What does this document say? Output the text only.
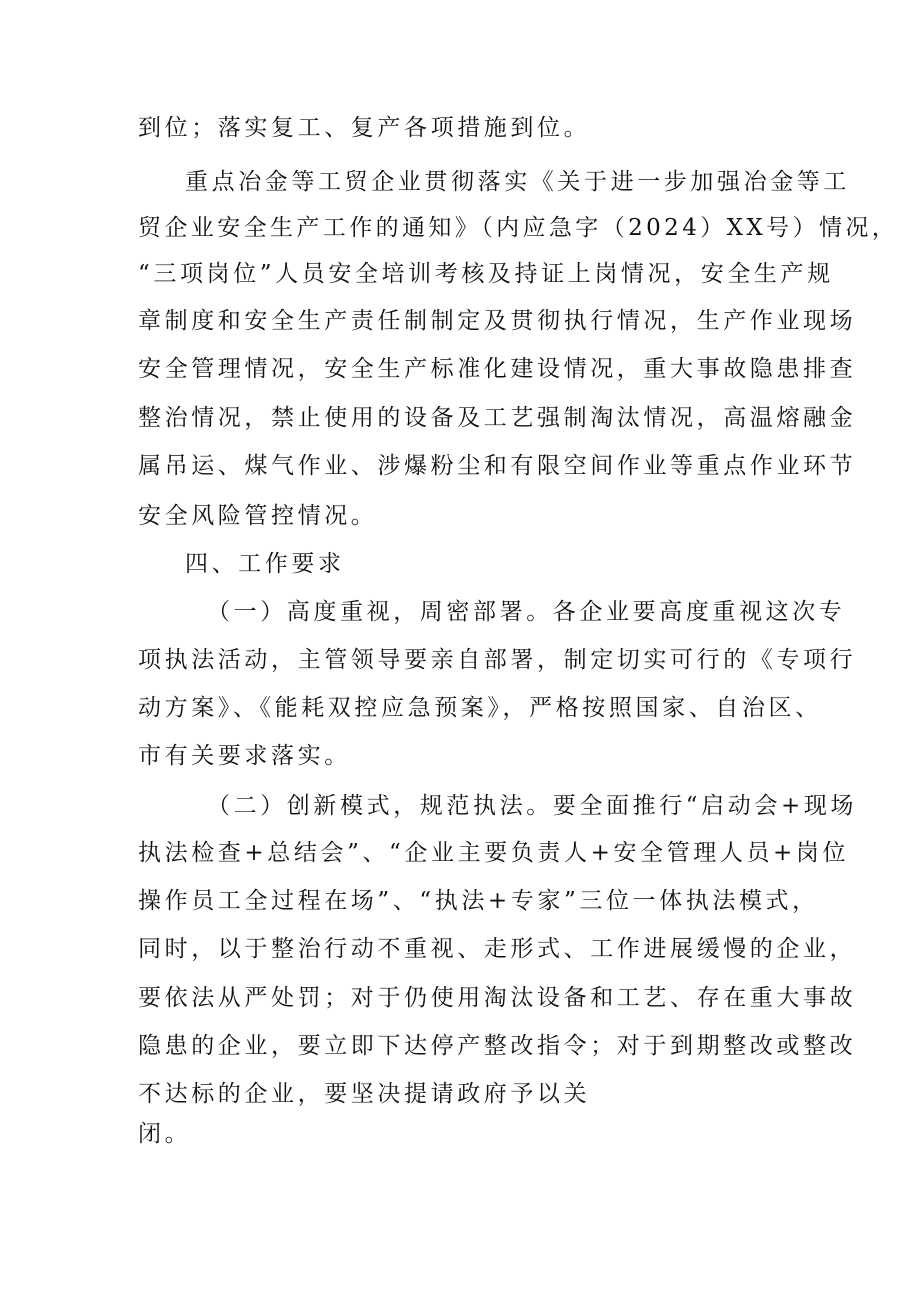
到位；落实复工、复产各项措施到位。
重点冶金等工贸企业贯彻落实《关于进一步加强冶金等工
贸企业安全生产工作的通知》（内应急字（2024）XX号）情况，
“三项岗位”人员安全培训考核及持证上岗情况，安全生产规
章制度和安全生产责任制制定及贯彻执行情况，生产作业现场
安全管理情况，安全生产标准化建设情况，重大事故隐患排查
整治情况，禁止使用的设备及工艺强制淘汰情况，高温熔融金
属吊运、煤气作业、涉爆粉尘和有限空间作业等重点作业环节
安全风险管控情况。
四、工作要求
（一）高度重视，周密部署。各企业要高度重视这次专
项执法活动，主管领导要亲自部署，制定切实可行的《专项行
动方案》、《能耗双控应急预案》，严格按照国家、自治区、
市有关要求落实。
（二）创新模式，规范执法。要全面推行“启动会+现场
执法检查+总结会”、“企业主要负责人+安全管理人员+岗位
操作员工全过程在场”、“执法+专家”三位一体执法模式，
同时，以于整治行动不重视、走形式、工作进展缓慢的企业，
要依法从严处罚；对于仍使用淘汰设备和工艺、存在重大事故
隐患的企业，要立即下达停产整改指令；对于到期整改或整改
不达标的企业，要坚决提请政府予以关
闭。
